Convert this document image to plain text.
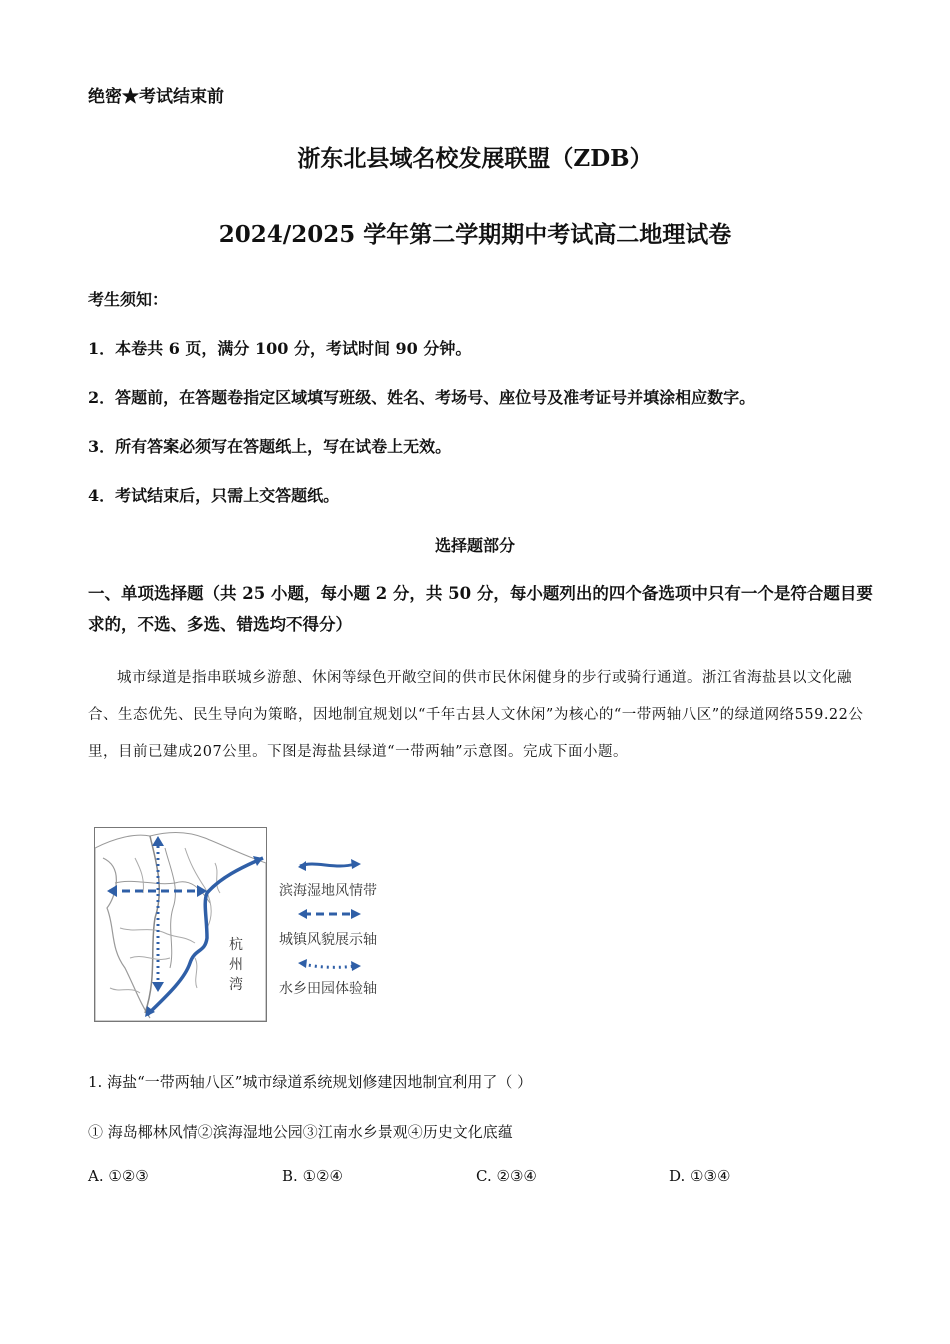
绝密★考试结束前
浙东北县域名校发展联盟（ZDB）
2024/2025 学年第二学期期中考试高二地理试卷
考生须知：
1．本卷共 6 页，满分 100 分，考试时间 90 分钟。
2．答题前，在答题卷指定区域填写班级、姓名、考场号、座位号及准考证号并填涂相应数字。
3．所有答案必须写在答题纸上，写在试卷上无效。
4．考试结束后，只需上交答题纸。
选择题部分
一、单项选择题（共 25 小题，每小题 2 分，共 50 分，每小题列出的四个备选项中只有一个是符合题目要求的，不选、多选、错选均不得分）
城市绿道是指串联城乡游憩、休闲等绿色开敞空间的供市民休闲健身的步行或骑行通道。浙江省海盐县以文化融合、生态优先、民生导向为策略，因地制宜规划以“千年古县人文休闲”为核心的“一带两轴八区”的绿道网络559.22公里，目前已建成207公里。下图是海盐县绿道“一带两轴”示意图。完成下面小题。
杭
州
湾
滨海湿地风情带
城镇风貌展示轴
水乡田园体验轴
1. 海盐“一带两轴八区”城市绿道系统规划修建因地制宜利用了（ ）
① 海岛椰林风情②滨海湿地公园③江南水乡景观④历史文化底蕴
A. ①②③	B. ①②④	C. ②③④	D. ①③④
